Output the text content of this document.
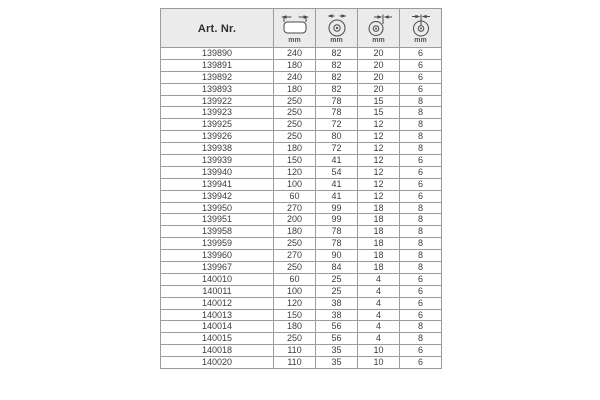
Art. Nr.	mm	mm	mm	mm

139890	240	82	20	6
139891	180	82	20	6
139892	240	82	20	6
139893	180	82	20	6
139922	250	78	15	8
139923	250	78	15	8
139925	250	72	12	8
139926	250	80	12	8
139938	180	72	12	8
139939	150	41	12	6
139940	120	54	12	6
139941	100	41	12	6
139942	60	41	12	6
139950	270	99	18	8
139951	200	99	18	8
139958	180	78	18	8
139959	250	78	18	8
139960	270	90	18	8
139967	250	84	18	8
140010	60	25	4	6
140011	100	25	4	6
140012	120	38	4	6
140013	150	38	4	6
140014	180	56	4	8
140015	250	56	4	8
140018	110	35	10	6
140020	110	35	10	6
